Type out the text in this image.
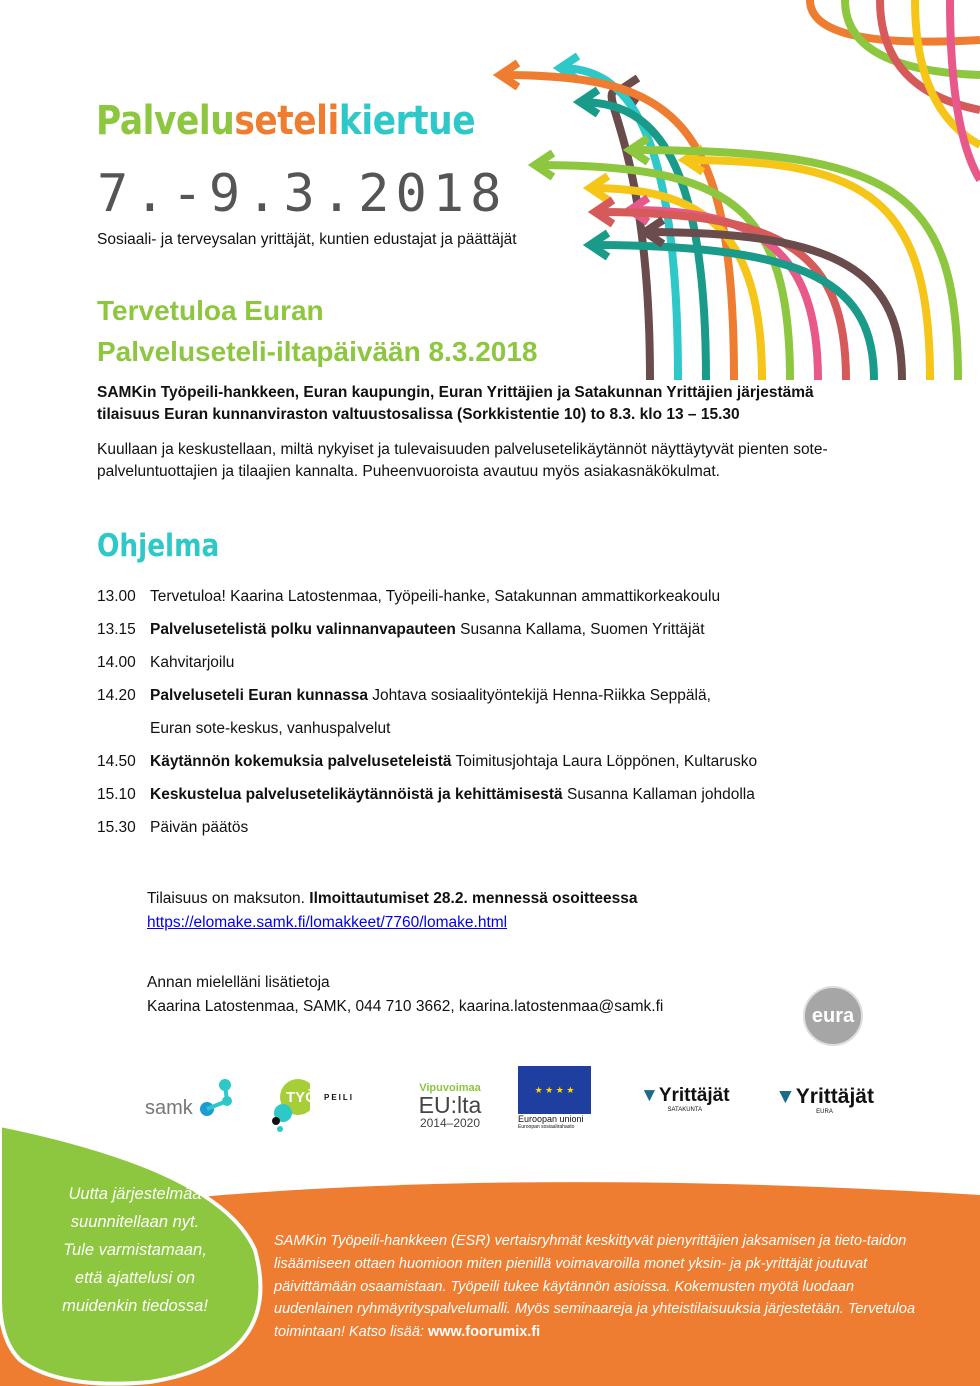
Palvelusetelikiertue
7.-9.3.2018
Sosiaali- ja terveysalan yrittäjät, kuntien edustajat ja päättäjät
Tervetuloa Euran
Palveluseteli-iltapäivään 8.3.2018
SAMKin Työpeili-hankkeen, Euran kaupungin, Euran Yrittäjien ja Satakunnan Yrittäjien järjestämä tilaisuus Euran kunnanviraston valtuustosalissa (Sorkkistentie 10) to 8.3. klo 13 – 15.30
Kuullaan ja keskustellaan, miltä nykyiset ja tulevaisuuden palvelusetelikäytännöt näyttäytyvät pienten sote-palveluntuottajien ja tilaajien kannalta. Puheenvuoroista avautuu myös asiakasnäkökulmat.
Ohjelma
13.00 Tervetuloa! Kaarina Latostenmaa, Työpeili-hanke, Satakunnan ammattikorkeakoulu
13.15 Palvelusetelistä polku valinnanvapauteen Susanna Kallama, Suomen Yrittäjät
14.00 Kahvitarjoilu
14.20 Palveluseteli Euran kunnassa Johtava sosiaalityöntekijä Henna-Riikka Seppälä,
Euran sote-keskus, vanhuspalvelut
14.50 Käytännön kokemuksia palveluseteleistä Toimitusjohtaja Laura Löppönen, Kultarusko
15.10 Keskustelua palvelusetelikäytännöistä ja kehittämisestä Susanna Kallaman johdolla
15.30 Päivän päätös
Tilaisuus on maksuton. Ilmoittautumiset 28.2. mennessä osoitteessa
https://elomake.samk.fi/lomakkeet/7760/lomake.html
Annan mielelläni lisätietoja
Kaarina Latostenmaa, SAMK, 044 710 3662, kaarina.latostenmaa@samk.fi	eura
samk	TYÖ PEILI
Vipuvoimaa
EU:lta
2014–2020
★ ★ ★ ★
Euroopan unioni
Euroopan sosiaalirahasto
▼Yrittäjät
SATAKUNTA
▼Yrittäjät
EURA
Uutta järjestelmää
suunnitellaan nyt.
Tule varmistamaan,
että ajattelusi on
muidenkin tiedossa!
SAMKin Työpeili-hankkeen (ESR) vertaisryhmät keskittyvät pienyrittäjien jaksamisen ja tieto-taidon lisäämiseen ottaen huomioon miten pienillä voimavaroilla monet yksin- ja pk-yrittäjät joutuvat päivittämään osaamistaan. Työpeili tukee käytännön asioissa. Kokemusten myötä luodaan uudenlainen ryhmäyrityspalvelumalli. Myös seminaareja ja yhteistilaisuuksia järjestetään. Tervetuloa toimintaan! Katso lisää: www.foorumix.fi
